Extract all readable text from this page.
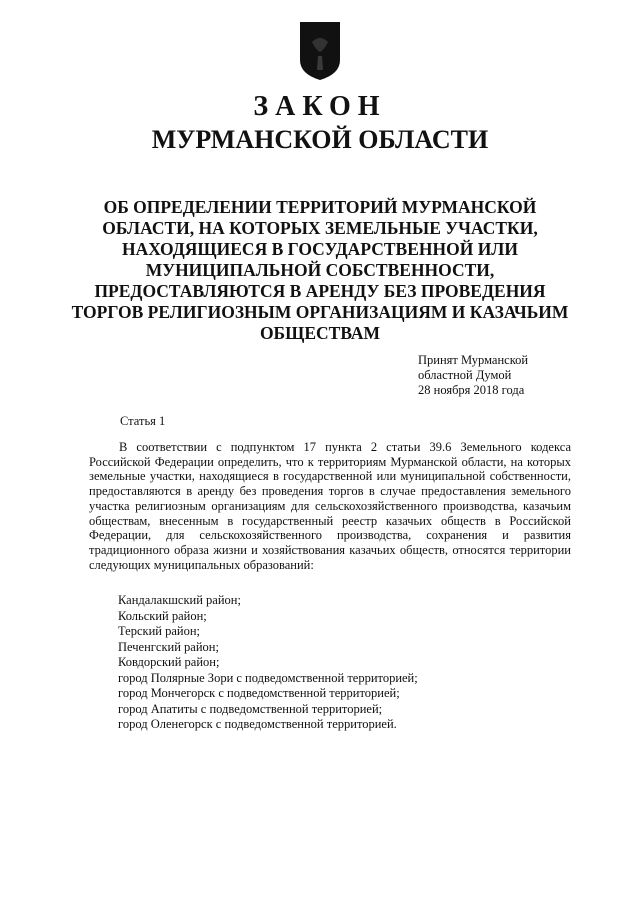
ЗАКОН
МУРМАНСКОЙ ОБЛАСТИ
ОБ ОПРЕДЕЛЕНИИ ТЕРРИТОРИЙ МУРМАНСКОЙ ОБЛАСТИ, НА КОТОРЫХ ЗЕМЕЛЬНЫЕ УЧАСТКИ, НАХОДЯЩИЕСЯ В ГОСУДАРСТВЕННОЙ ИЛИ МУНИЦИПАЛЬНОЙ СОБСТВЕННОСТИ, ПРЕДОСТАВЛЯЮТСЯ В АРЕНДУ БЕЗ ПРОВЕДЕНИЯ ТОРГОВ РЕЛИГИОЗНЫМ ОРГАНИЗАЦИЯМ И КАЗАЧЬИМ ОБЩЕСТВАМ
Принят Мурманской
областной Думой
28 ноября 2018 года
Статья 1

В соответствии с подпунктом 17 пункта 2 статьи 39.6 Земельного кодекса Российской Федерации определить, что к территориям Мурманской области, на которых земельные участки, находящиеся в государственной или муниципальной собственности, предоставляются в аренду без проведения торгов в случае предоставления земельного участка религиозным организациям для сельскохозяйственного производства, казачьим обществам, внесенным в государственный реестр казачьих обществ в Российской Федерации, для сельскохозяйственного производства, сохранения и развития традиционного образа жизни и хозяйствования казачьих обществ, относятся территории следующих муниципальных образований:

Кандалакшский район;
Кольский район;
Терский район;
Печенгский район;
Ковдорский район;
город Полярные Зори с подведомственной территорией;
город Мончегорск с подведомственной территорией;
город Апатиты с подведомственной территорией;
город Оленегорск с подведомственной территорией.
